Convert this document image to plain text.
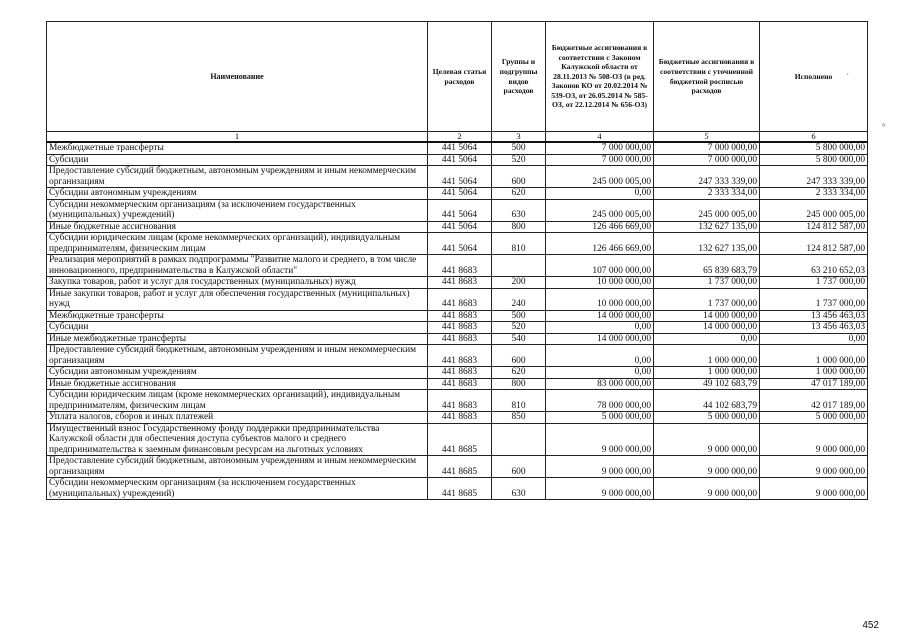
Наименование	Целевая статья расходов	Группы и подгруппы видов расходов	Бюджетные ассигнования в соответствии с Законом Калужской области от 28.11.2013 № 508-ОЗ (в ред. Законов КО от 20.02.2014 № 539-ОЗ, от 26.05.2014 № 585-ОЗ, от 22.12.2014 № 656-ОЗ)	Бюджетные ассигнования в соответствии с уточненной бюджетной росписью расходов	Исполнено
1	2	3	4	5	6
Межбюджетные трансферты	441 5064	500	7 000 000,00	7 000 000,00	5 800 000,00
Субсидии	441 5064	520	7 000 000,00	7 000 000,00	5 800 000,00
Предоставление субсидий бюджетным, автономным учреждениям и иным некоммерческим организациям	441 5064	600	245 000 005,00	247 333 339,00	247 333 339,00
Субсидии автономным учреждениям	441 5064	620	0,00	2 333 334,00	2 333 334,00
Субсидии некоммерческим организациям (за исключением государственных (муниципальных) учреждений)	441 5064	630	245 000 005,00	245 000 005,00	245 000 005,00
Иные бюджетные ассигнования	441 5064	800	126 466 669,00	132 627 135,00	124 812 587,00
Субсидии юридическим лицам (кроме некоммерческих организаций), индивидуальным предпринимателям, физическим лицам	441 5064	810	126 466 669,00	132 627 135,00	124 812 587,00
Реализация мероприятий в рамках подпрограммы "Развитие малого и среднего, в том числе инновационного, предпринимательства в Калужской области"	441 8683		107 000 000,00	65 839 683,79	63 210 652,03
Закупка товаров, работ и услуг для государственных (муниципальных) нужд	441 8683	200	10 000 000,00	1 737 000,00	1 737 000,00
Иные закупки товаров, работ и услуг для обеспечения государственных (муниципальных) нужд	441 8683	240	10 000 000,00	1 737 000,00	1 737 000,00
Межбюджетные трансферты	441 8683	500	14 000 000,00	14 000 000,00	13 456 463,03
Субсидии	441 8683	520	0,00	14 000 000,00	13 456 463,03
Иные межбюджетные трансферты	441 8683	540	14 000 000,00	0,00	0,00
Предоставление субсидий бюджетным, автономным учреждениям и иным некоммерческим организациям	441 8683	600	0,00	1 000 000,00	1 000 000,00
Субсидии автономным учреждениям	441 8683	620	0,00	1 000 000,00	1 000 000,00
Иные бюджетные ассигнования	441 8683	800	83 000 000,00	49 102 683,79	47 017 189,00
Субсидии юридическим лицам (кроме некоммерческих организаций), индивидуальным предпринимателям, физическим лицам	441 8683	810	78 000 000,00	44 102 683,79	42 017 189,00
Уплата налогов, сборов и иных платежей	441 8683	850	5 000 000,00	5 000 000,00	5 000 000,00
Имущественный взнос Государственному фонду поддержки предпринимательства Калужской области для обеспечения доступа субъектов малого и среднего предпринимательства к заемным финансовым ресурсам на льготных условиях	441 8685		9 000 000,00	9 000 000,00	9 000 000,00
Предоставление субсидий бюджетным, автономным учреждениям и иным некоммерческим организациям	441 8685	600	9 000 000,00	9 000 000,00	9 000 000,00
Субсидии некоммерческим организациям (за исключением государственных (муниципальных) учреждений)	441 8685	630	9 000 000,00	9 000 000,00	9 000 000,00
ˊ
°
452
